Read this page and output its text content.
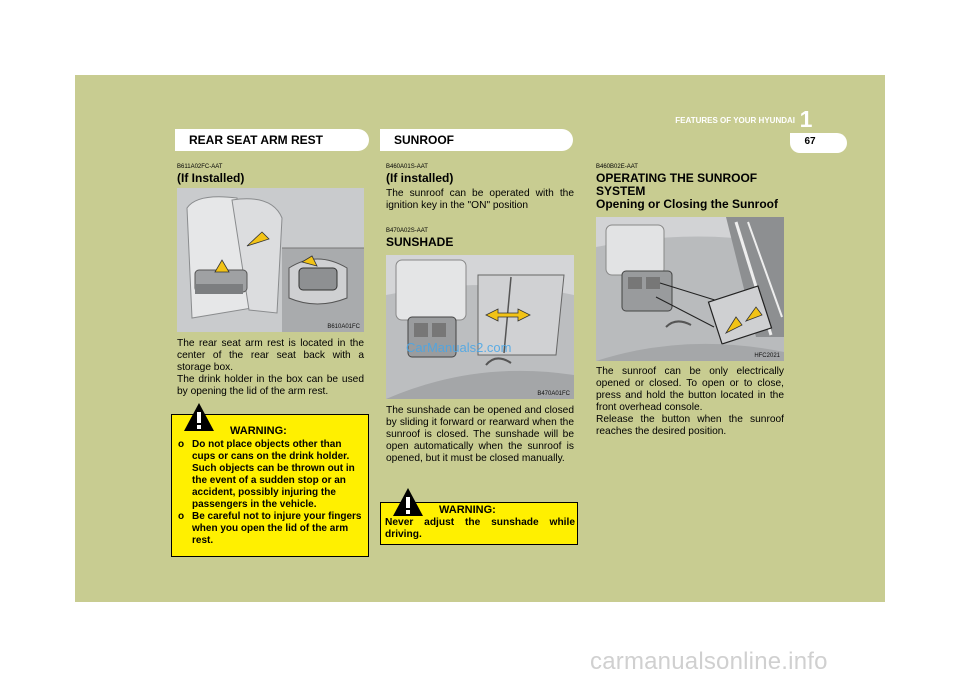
1
FEATURES OF YOUR HYUNDAI
67
REAR SEAT ARM REST	SUNROOF

B611A02FC-AAT

(If Installed)

B610A01FC

The rear seat arm rest is located in the center of the rear seat back with a storage box.

The drink holder in the box can be used by opening the lid of the arm rest.

WARNING:
o Do not place objects other than cups or cans on the drink holder. Such objects can be thrown out in the event of a sudden stop or an accident, possibly injuring the passengers in the vehicle.
o Be careful not to injure your fingers when you open the lid of the arm rest.

B460A01S-AAT

(If installed)

The sunroof can be operated with the ignition key in the "ON" position

B470A02S-AAT

SUNSHADE

B470A01FC
CarManuals2.com

The sunshade can be opened and closed by sliding it forward or rearward when the sunroof is closed. The sunshade will be open automatically when the sunroof is opened, but it must be closed manually.

WARNING:

Never adjust the sunshade while driving.

B460B02E-AAT

OPERATING THE SUNROOF

SYSTEM

Opening or Closing the Sunroof

HFC2021

The sunroof can be only electrically opened or closed. To open or to close, press and hold the button located in the front overhead console.

Release the button when the sunroof reaches the desired position.

carmanualsonline.info
